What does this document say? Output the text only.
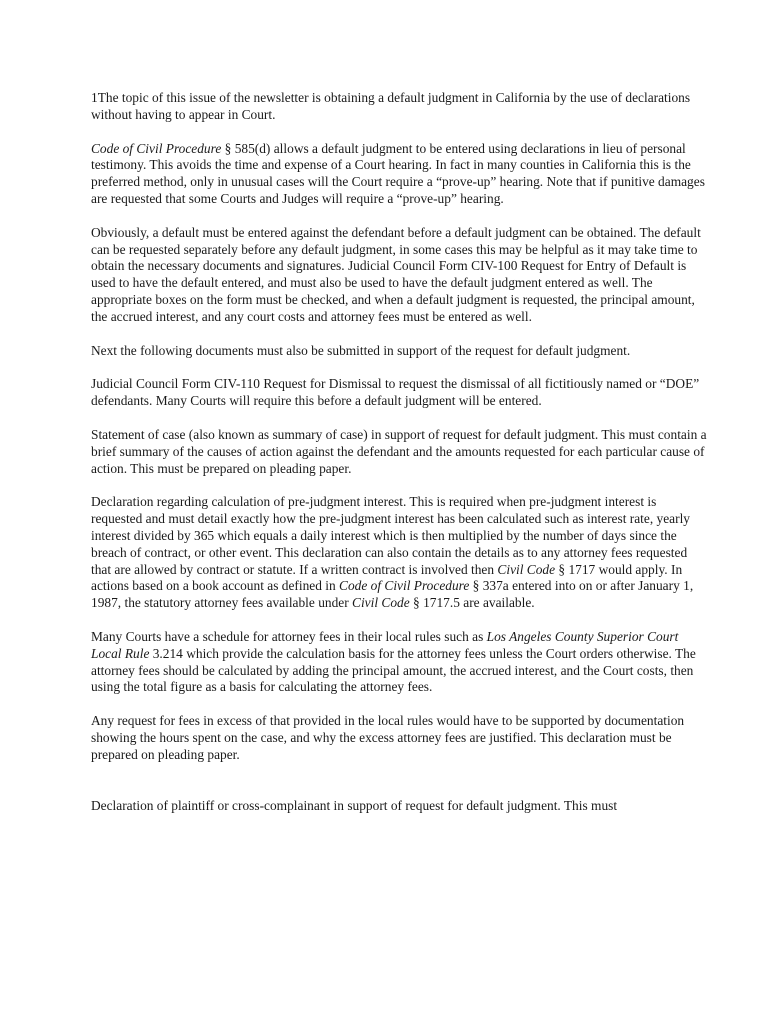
1The topic of this issue of the newsletter is obtaining a default judgment in California by the use of declarations without having to appear in Court.

Code of Civil Procedure § 585(d) allows a default judgment to be entered using declarations in lieu of personal testimony. This avoids the time and expense of a Court hearing. In fact in many counties in California this is the preferred method, only in unusual cases will the Court require a “prove-up” hearing. Note that if punitive damages are requested that some Courts and Judges will require a “prove-up” hearing.

Obviously, a default must be entered against the defendant before a default judgment can be obtained. The default can be requested separately before any default judgment, in some cases this may be helpful as it may take time to obtain the necessary documents and signatures. Judicial Council Form CIV-100 Request for Entry of Default is used to have the default entered, and must also be used to have the default judgment entered as well. The appropriate boxes on the form must be checked, and when a default judgment is requested, the principal amount, the accrued interest, and any court costs and attorney fees must be entered as well.

Next the following documents must also be submitted in support of the request for default judgment.

Judicial Council Form CIV-110 Request for Dismissal to request the dismissal of all fictitiously named or “DOE” defendants. Many Courts will require this before a default judgment will be entered.

Statement of case (also known as summary of case) in support of request for default judgment. This must contain a brief summary of the causes of action against the defendant and the amounts requested for each particular cause of action. This must be prepared on pleading paper.

Declaration regarding calculation of pre-judgment interest. This is required when pre-judgment interest is requested and must detail exactly how the pre-judgment interest has been calculated such as interest rate, yearly interest divided by 365 which equals a daily interest which is then multiplied by the number of days since the breach of contract, or other event. This declaration can also contain the details as to any attorney fees requested that are allowed by contract or statute. If a written contract is involved then Civil Code § 1717 would apply. In actions based on a book account as defined in Code of Civil Procedure § 337a entered into on or after January 1, 1987, the statutory attorney fees available under Civil Code § 1717.5 are available.

Many Courts have a schedule for attorney fees in their local rules such as Los Angeles County Superior Court Local Rule 3.214 which provide the calculation basis for the attorney fees unless the Court orders otherwise. The attorney fees should be calculated by adding the principal amount, the accrued interest, and the Court costs, then using the total figure as a basis for calculating the attorney fees.

Any request for fees in excess of that provided in the local rules would have to be supported by documentation showing the hours spent on the case, and why the excess attorney fees are justified. This declaration must be prepared on pleading paper.

Declaration of plaintiff or cross-complainant in support of request for default judgment. This must
